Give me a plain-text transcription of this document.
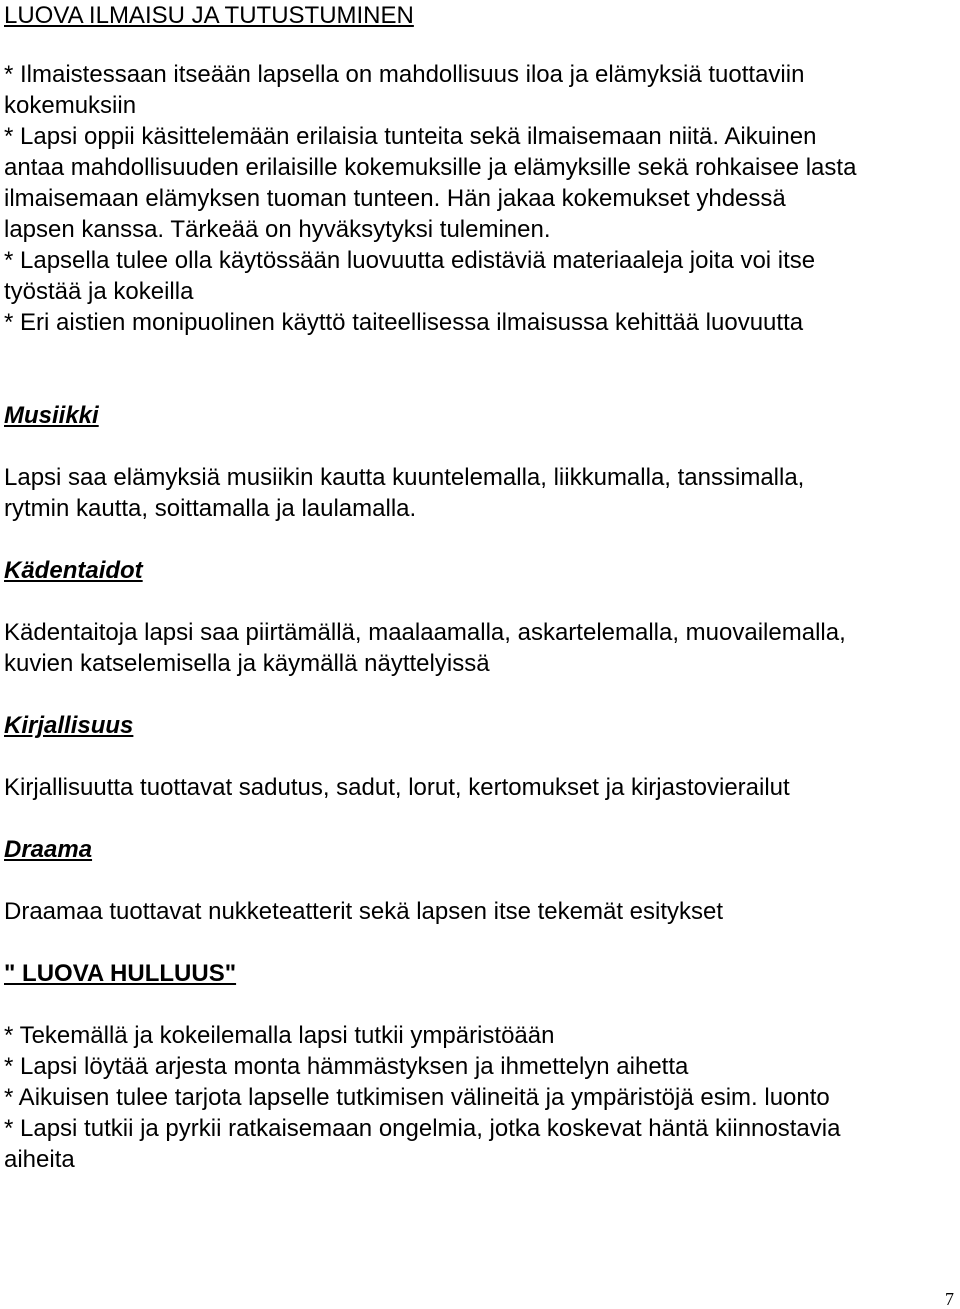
LUOVA ILMAISU JA TUTUSTUMINEN

* Ilmaistessaan itseään lapsella on mahdollisuus iloa ja elämyksiä tuottaviin

kokemuksiin

* Lapsi oppii käsittelemään erilaisia tunteita sekä ilmaisemaan niitä. Aikuinen

antaa mahdollisuuden erilaisille kokemuksille ja elämyksille sekä rohkaisee lasta

ilmaisemaan elämyksen tuoman tunteen. Hän jakaa kokemukset yhdessä

lapsen kanssa. Tärkeää on hyväksytyksi tuleminen.

* Lapsella tulee olla käytössään luovuutta edistäviä materiaaleja joita voi itse

työstää ja kokeilla

* Eri aistien monipuolinen käyttö taiteellisessa ilmaisussa kehittää luovuutta

Musiikki

Lapsi saa elämyksiä musiikin kautta kuuntelemalla, liikkumalla, tanssimalla,

rytmin kautta, soittamalla ja laulamalla.

Kädentaidot

Kädentaitoja lapsi saa piirtämällä, maalaamalla, askartelemalla, muovailemalla,

kuvien katselemisella ja käymällä näyttelyissä

Kirjallisuus

Kirjallisuutta tuottavat sadutus, sadut, lorut, kertomukset ja kirjastovierailut

Draama

Draamaa tuottavat nukketeatterit sekä lapsen itse tekemät esitykset

" LUOVA HULLUUS"

* Tekemällä ja kokeilemalla lapsi tutkii ympäristöään

* Lapsi löytää arjesta monta hämmästyksen ja ihmettelyn aihetta

* Aikuisen tulee tarjota lapselle tutkimisen välineitä ja ympäristöjä esim. luonto

* Lapsi tutkii ja pyrkii ratkaisemaan ongelmia, jotka koskevat häntä kiinnostavia

aiheita

7
